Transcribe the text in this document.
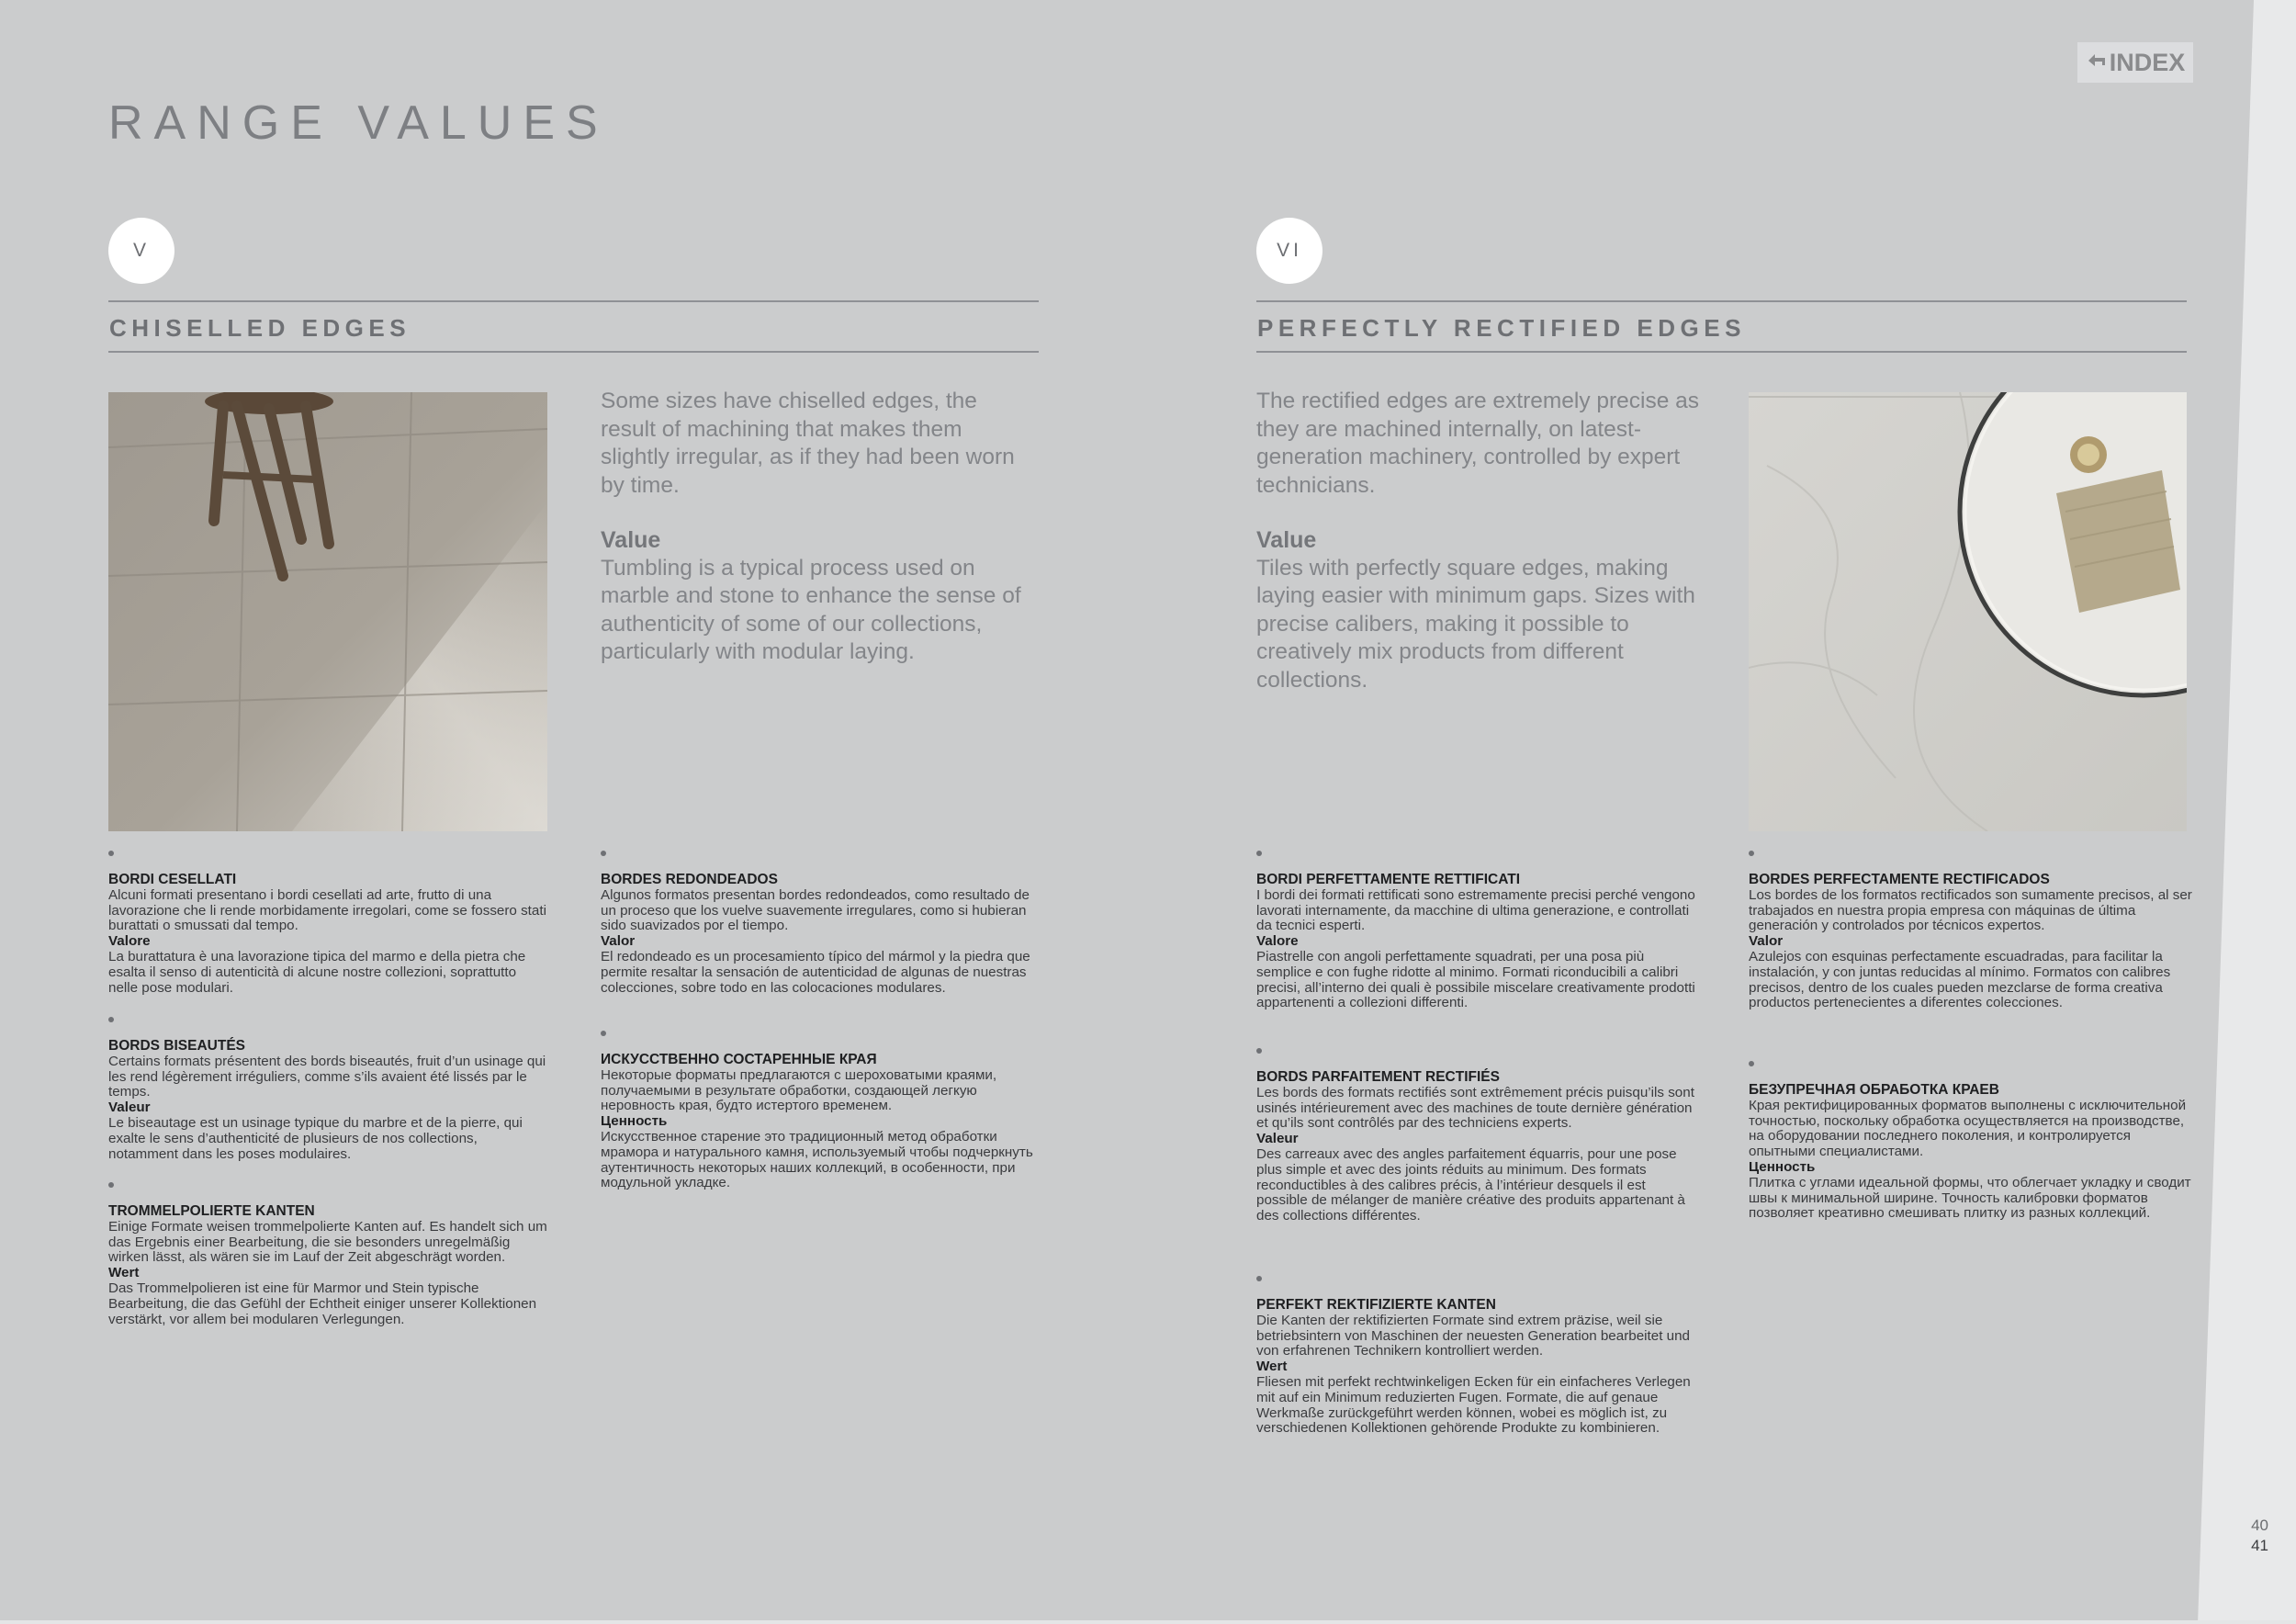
INDEX
RANGE VALUES
V
CHISELLED EDGES

Some sizes have chiselled edges, the result of machining that makes them slightly irregular, as if they had been worn by time.

Value

Tumbling is a typical process used on marble and stone to enhance the sense of authenticity of some of our collections, particularly with modular laying.

BORDI CESELLATI

Alcuni formati presentano i bordi cesellati ad arte, frutto di una lavorazione che li rende morbidamente irregolari, come se fossero stati burattati o smussati dal tempo.

Valore

La burattatura è una lavorazione tipica del marmo e della pietra che esalta il senso di autenticità di alcune nostre collezioni, soprattutto nelle pose modulari.

BORDS BISEAUTÉS

Certains formats présentent des bords biseautés, fruit d’un usinage qui les rend légèrement irréguliers, comme s’ils avaient été lissés par le temps.

Valeur

Le biseautage est un usinage typique du marbre et de la pierre, qui exalte le sens d’authenticité de plusieurs de nos collections, notamment dans les poses modulaires.

TROMMELPOLIERTE KANTEN

Einige Formate weisen trommelpolierte Kanten auf. Es handelt sich um das Ergebnis einer Bearbeitung, die sie besonders unregelmäßig wirken lässt, als wären sie im Lauf der Zeit abgeschrägt worden.

Wert

Das Trommelpolieren ist eine für Marmor und Stein typische Bearbeitung, die das Gefühl der Echtheit einiger unserer Kollektionen verstärkt, vor allem bei modularen Verlegungen.

BORDES REDONDEADOS

Algunos formatos presentan bordes redondeados, como resultado de un proceso que los vuelve suavemente irregulares, como si hubieran sido suavizados por el tiempo.

Valor

El redondeado es un procesamiento típico del mármol y la piedra que permite resaltar la sensación de autenticidad de algunas de nuestras colecciones, sobre todo en las colocaciones modulares.

ИСКУССТВЕННО СОСТАРЕННЫЕ КРАЯ

Некоторые форматы предлагаются с шероховатыми краями, получаемыми в результате обработки, создающей легкую неровность края, будто истертого временем.

Ценность

Искусственное старение это традиционный метод обработки мрамора и натурального камня, используемый чтобы подчеркнуть аутентичность некоторых наших коллекций, в особенности, при модульной укладке.

VI
PERFECTLY RECTIFIED EDGES

The rectified edges are extremely precise as they are machined internally, on latest-generation machinery, controlled by expert technicians.

Value

Tiles with perfectly square edges, making laying easier with minimum gaps. Sizes with precise calibers, making it possible to creatively mix products from different collections.

BORDI PERFETTAMENTE RETTIFICATI

I bordi dei formati rettificati sono estremamente precisi perché vengono lavorati internamente, da macchine di ultima generazione, e controllati da tecnici esperti.

Valore

Piastrelle con angoli perfettamente squadrati, per una posa più semplice e con fughe ridotte al minimo. Formati riconducibili a calibri precisi, all’interno dei quali è possibile miscelare creativamente prodotti appartenenti a collezioni differenti.

BORDS PARFAITEMENT RECTIFIÉS

Les bords des formats rectifiés sont extrêmement précis puisqu’ils sont usinés intérieurement avec des machines de toute dernière génération et qu’ils sont contrôlés par des techniciens experts.

Valeur

Des carreaux avec des angles parfaitement équarris, pour une pose plus simple et avec des joints réduits au minimum. Des formats reconductibles à des calibres précis, à l’intérieur desquels il est possible de mélanger de manière créative des produits appartenant à des collections différentes.

PERFEKT REKTIFIZIERTE KANTEN

Die Kanten der rektifizierten Formate sind extrem präzise, weil sie betriebsintern von Maschinen der neuesten Generation bearbeitet und von erfahrenen Technikern kontrolliert werden.

Wert

Fliesen mit perfekt rechtwinkeligen Ecken für ein einfacheres Verlegen mit auf ein Minimum reduzierten Fugen. Formate, die auf genaue Werkmaße zurückgeführt werden können, wobei es möglich ist, zu verschiedenen Kollektionen gehörende Produkte zu kombinieren.

BORDES PERFECTAMENTE RECTIFICADOS

Los bordes de los formatos rectificados son sumamente precisos, al ser trabajados en nuestra propia empresa con máquinas de última generación y controlados por técnicos expertos.

Valor

Azulejos con esquinas perfectamente escuadradas, para facilitar la instalación, y con juntas reducidas al mínimo. Formatos con calibres precisos, dentro de los cuales pueden mezclarse de forma creativa productos pertenecientes a diferentes colecciones.

БЕЗУПРЕЧНАЯ ОБРАБОТКА КРАЕВ

Края ректифицированных форматов выполнены с исключительной точностью, поскольку обработка осуществляется на производстве, на оборудовании последнего поколения, и контролируется опытными специалистами.

Ценность

Плитка с углами идеальной формы, что облегчает укладку и сводит швы к минимальной ширине. Точность калибровки форматов позволяет креативно смешивать плитку из разных коллекций.

40
41
